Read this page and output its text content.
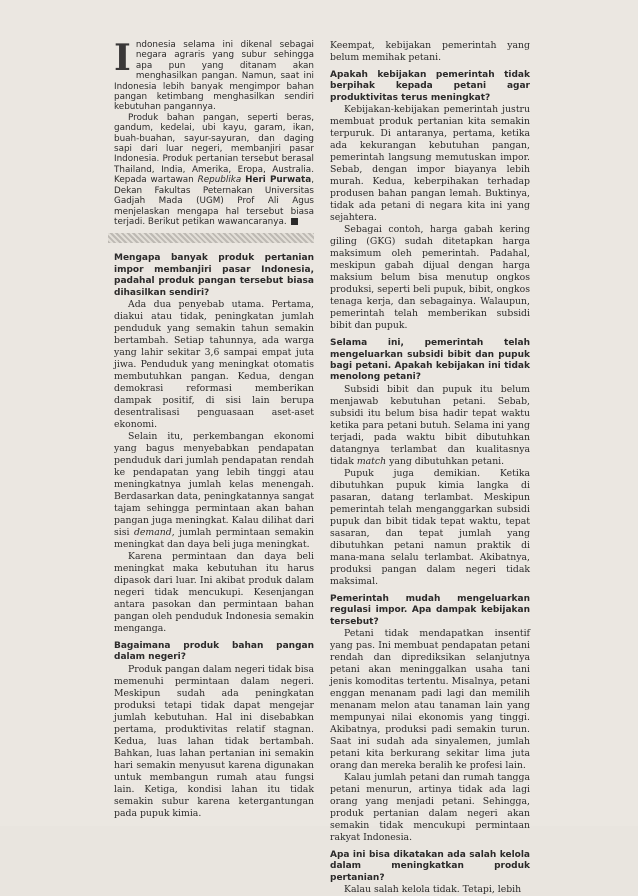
Indonesia selama ini dikenal sebagai negara agraris yang subur sehingga apa pun yang ditanam akan menghasilkan pangan. Namun, saat ini Indonesia lebih banyak mengimpor bahan pangan ketimbang menghasilkan sendiri kebutuhan pangannya.

Produk bahan pangan, seperti beras, gandum, kedelai, ubi kayu, garam, ikan, buah-buahan, sayur-sayuran, dan daging sapi dari luar negeri, membanjiri pasar Indonesia. Produk pertanian tersebut berasal Thailand, India, Amerika, Eropa, Australia. Kepada wartawan Republika Heri Purwata, Dekan Fakultas Peternakan Universitas Gadjah Mada (UGM) Prof Ali Agus menjelaskan mengapa hal tersebut biasa terjadi. Berikut petikan wawancaranya.

Mengapa banyak produk pertanian impor membanjiri pasar Indonesia, padahal produk pangan tersebut biasa dihasilkan sendiri?

Ada dua penyebab utama. Pertama, diakui atau tidak, peningkatan jumlah penduduk yang semakin tahun semakin bertambah. Setiap tahunnya, ada warga yang lahir sekitar 3,6 sampai empat juta jiwa. Penduduk yang meningkat otomatis membutuhkan pangan. Kedua, dengan demokrasi reformasi memberikan dampak positif, di sisi lain berupa desentralisasi penguasaan aset-aset ekonomi.

Selain itu, perkembangan ekonomi yang bagus menyebabkan pendapatan penduduk dari jumlah pendapatan rendah ke pendapatan yang lebih tinggi atau meningkatnya jumlah kelas menengah. Berdasarkan data, peningkatannya sangat tajam sehingga permintaan akan bahan pangan juga meningkat. Kalau dilihat dari sisi demand, jumlah permintaan semakin meningkat dan daya beli juga meningkat.

Karena permintaan dan daya beli meningkat maka kebutuhan itu harus dipasok dari luar. Ini akibat produk dalam negeri tidak mencukupi. Kesenjangan antara pasokan dan permintaan bahan pangan oleh penduduk Indonesia semakin menganga.

Bagaimana produk bahan pangan dalam negeri?

Produk pangan dalam negeri tidak bisa memenuhi permintaan dalam negeri. Meskipun sudah ada peningkatan produksi tetapi tidak dapat mengejar jumlah kebutuhan. Hal ini disebabkan pertama, produktivitas relatif stagnan. Kedua, luas lahan tidak bertambah. Bahkan, luas lahan pertanian ini semakin hari semakin menyusut karena digunakan untuk membangun rumah atau fungsi lain. Ketiga, kondisi lahan itu tidak semakin subur karena ketergantungan pada pupuk kimia.

Keempat, kebijakan pemerintah yang belum memihak petani.

Apakah kebijakan pemerintah tidak berpihak kepada petani agar produktivitas terus meningkat?

Kebijakan-kebijakan pemerintah justru membuat produk pertanian kita semakin terpuruk. Di antaranya, pertama, ketika ada kekurangan kebutuhan pangan, pemerintah langsung memutuskan impor. Sebab, dengan impor biayanya lebih murah. Kedua, keberpihakan terhadap produsen bahan pangan lemah. Buktinya, tidak ada petani di negara kita ini yang sejahtera.

Sebagai contoh, harga gabah kering giling (GKG) sudah ditetapkan harga maksimum oleh pemerintah. Padahal, meskipun gabah dijual dengan harga maksium belum bisa menutup ongkos produksi, seperti beli pupuk, bibit, ongkos tenaga kerja, dan sebagainya. Walaupun, pemerintah telah memberikan subsidi bibit dan pupuk.

Selama ini, pemerintah telah mengeluarkan subsidi bibit dan pupuk bagi petani. Apakah kebijakan ini tidak menolong petani?

Subsidi bibit dan pupuk itu belum menjawab kebutuhan petani. Sebab, subsidi itu belum bisa hadir tepat waktu ketika para petani butuh. Selama ini yang terjadi, pada waktu bibit dibutuhkan datangnya terlambat dan kualitasnya tidak match yang dibutuhkan petani.

Pupuk juga demikian. Ketika dibutuhkan pupuk kimia langka di pasaran, datang terlambat. Meskipun pemerintah telah menganggarkan subsidi pupuk dan bibit tidak tepat waktu, tepat sasaran, dan tepat jumlah yang dibutuhkan petani namun praktik di mana-mana selalu terlambat. Akibatnya, produksi pangan dalam negeri tidak maksimal.

Pemerintah mudah mengeluarkan regulasi impor. Apa dampak kebijakan tersebut?

Petani tidak mendapatkan insentif yang pas. Ini membuat pendapatan petani rendah dan diprediksikan selanjutnya petani akan meninggalkan usaha tani jenis komoditas tertentu. Misalnya, petani enggan menanam padi lagi dan memilih menanam melon atau tanaman lain yang mempunyai nilai ekonomis yang tinggi. Akibatnya, produksi padi semakin turun. Saat ini sudah ada sinyalemen, jumlah petani kita berkurang sekitar lima juta orang dan mereka beralih ke profesi lain.

Kalau jumlah petani dan rumah tangga petani menurun, artinya tidak ada lagi orang yang menjadi petani. Sehingga, produk pertanian dalam negeri akan semakin tidak mencukupi permintaan rakyat Indonesia.

Apa ini bisa dikatakan ada salah kelola dalam meningkatkan produk pertanian?

Kalau salah kelola tidak. Tetapi, lebih
